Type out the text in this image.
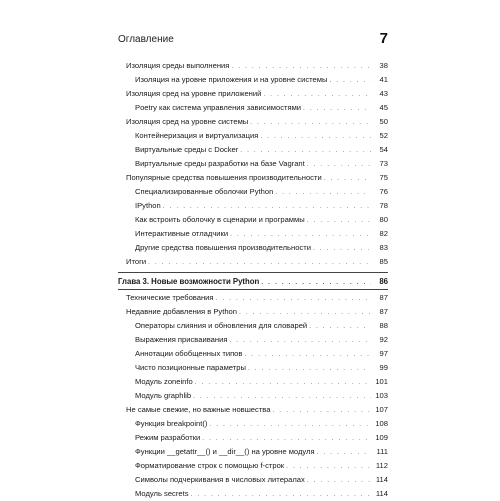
Оглавление	7
Изоляция среды выполнения . . .	38
Изоляция на уровне приложения и на уровне системы . . .	41
Изоляция сред на уровне приложений . . .	43
Poetry как система управления зависимостями . . .	45
Изоляция сред на уровне системы . . .	50
Контейнеризация и виртуализация . . .	52
Виртуальные среды с Docker . . .	54
Виртуальные среды разработки на базе Vagrant . . .	73
Популярные средства повышения производительности . . .	75
Специализированные оболочки Python . . .	76
IPython . . .	78
Как встроить оболочку в сценарии и программы . . .	80
Интерактивные отладчики . . .	82
Другие средства повышения производительности . . .	83
Итоги . . .	85
Глава 3. Новые возможности Python . . .	86
Технические требования . . .	87
Недавние добавления в Python . . .	87
Операторы слияния и обновления для словарей . . .	88
Выражения присваивания . . .	92
Аннотации обобщенных типов . . .	97
Чисто позиционные параметры . . .	99
Модуль zoneinfo . . .	101
Модуль graphlib . . .	103
Не самые свежие, но важные новшества . . .	107
Функция breakpoint() . . .	108
Режим разработки . . .	109
Функции __getattr__() и __dir__() на уровне модуля . . .	111
Форматирование строк с помощью f-строк . . .	112
Символы подчеркивания в числовых литералах . . .	114
Модуль secrets . . .	114
